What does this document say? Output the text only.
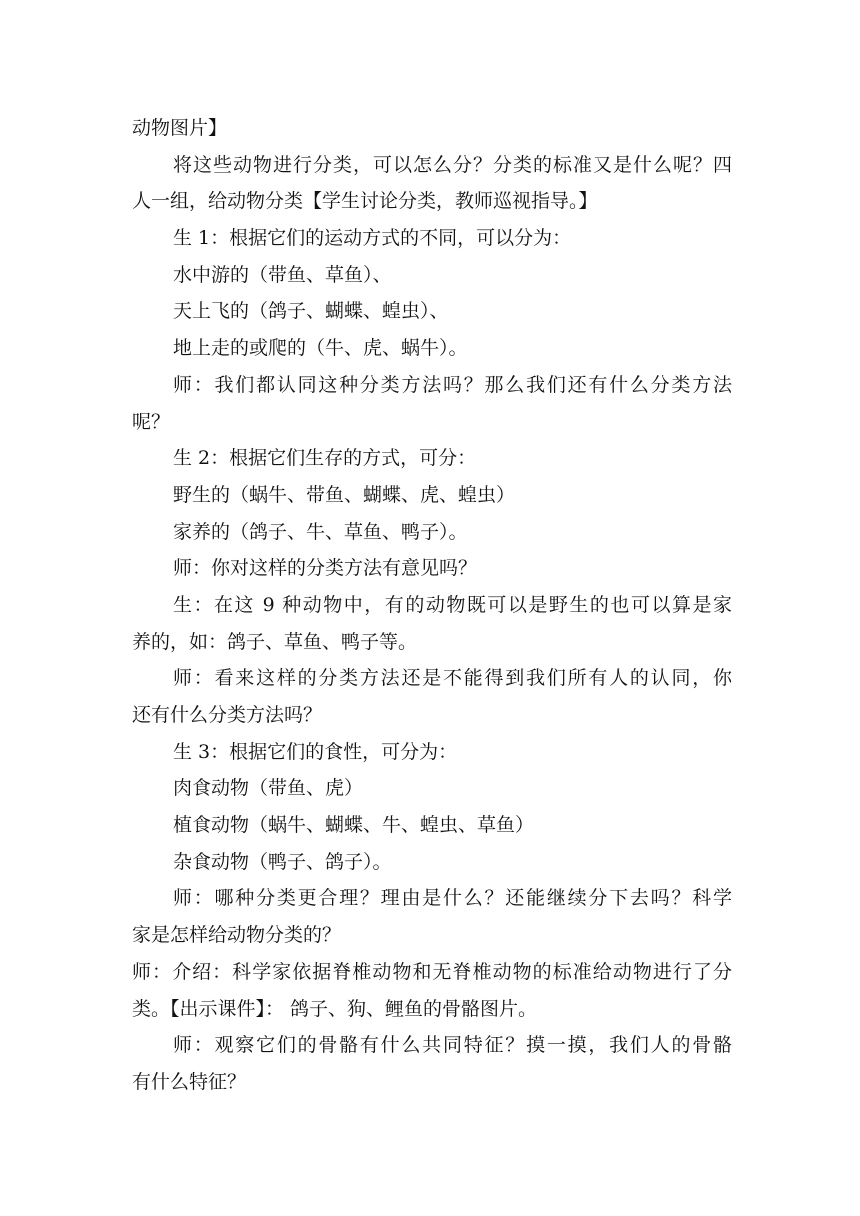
动物图片】
将这些动物进行分类，可以怎么分？分类的标准又是什么呢？四
人一组，给动物分类【学生讨论分类，教师巡视指导。】
生 1：根据它们的运动方式的不同，可以分为：
水中游的（带鱼、草鱼）、
天上飞的（鸽子、蝴蝶、蝗虫）、
地上走的或爬的（牛、虎、蜗牛）。
师：我们都认同这种分类方法吗？那么我们还有什么分类方法
呢？
生 2：根据它们生存的方式，可分：
野生的（蜗牛、带鱼、蝴蝶、虎、蝗虫）
家养的（鸽子、牛、草鱼、鸭子）。
师：你对这样的分类方法有意见吗？
生：在这 9 种动物中，有的动物既可以是野生的也可以算是家
养的，如：鸽子、草鱼、鸭子等。
师：看来这样的分类方法还是不能得到我们所有人的认同，你
还有什么分类方法吗？
生 3：根据它们的食性，可分为：
肉食动物（带鱼、虎）
植食动物（蜗牛、蝴蝶、牛、蝗虫、草鱼）
杂食动物（鸭子、鸽子）。
师：哪种分类更合理？理由是什么？还能继续分下去吗？科学
家是怎样给动物分类的？
师：介绍：科学家依据脊椎动物和无脊椎动物的标准给动物进行了分
类。【出示课件】： 鸽子、狗、鲤鱼的骨骼图片。
师：观察它们的骨骼有什么共同特征？摸一摸，我们人的骨骼
有什么特征？
